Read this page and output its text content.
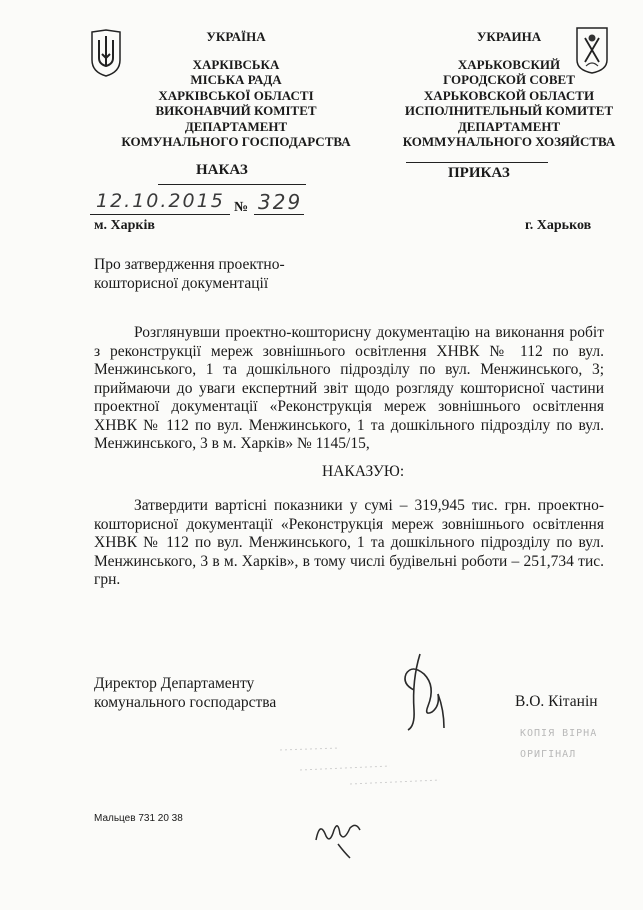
УКРАЇНА
ХАРКІВСЬКА
МІСЬКА РАДА
ХАРКІВСЬКОЇ ОБЛАСТІ
ВИКОНАВЧИЙ КОМІТЕТ
ДЕПАРТАМЕНТ
КОМУНАЛЬНОГО ГОСПОДАРСТВА
НАКАЗ
УКРАИНА
ХАРЬКОВСКИЙ
ГОРОДСКОЙ СОВЕТ
ХАРЬКОВСКОЙ ОБЛАСТИ
ИСПОЛНИТЕЛЬНЫЙ КОМИТЕТ
ДЕПАРТАМЕНТ
КОММУНАЛЬНОГО ХОЗЯЙСТВА
ПРИКАЗ
12.10.2015 № 329
м. Харків	г. Харьков
Про затвердження проектно-
кошторисної документації
Розглянувши проектно-кошторисну документацію на виконання робіт з реконструкції мереж зовнішнього освітлення ХНВК № 112 по вул. Менжинського, 1 та дошкільного підрозділу по вул. Менжинського, 3; приймаючи до уваги експертний звіт щодо розгляду кошторисної частини проектної документації «Реконструкція мереж зовнішнього освітлення ХНВК № 112 по вул. Менжинського, 1 та дошкільного підрозділу по вул. Менжинського, 3 в м. Харків» № 1145/15,
НАКАЗУЮ:
Затвердити вартісні показники у сумі – 319,945 тис. грн. проектно-кошторисної документації «Реконструкція мереж зовнішнього освітлення ХНВК № 112 по вул. Менжинського, 1 та дошкільного підрозділу по вул. Менжинського, 3 в м. Харків», в тому числі будівельні роботи – 251,734 тис. грн.
Директор Департаменту
комунального господарства	В.О. Кітанін
КОПІЯ ВІРНА
ОРИГІНАЛ
Мальцев 731 20 38
